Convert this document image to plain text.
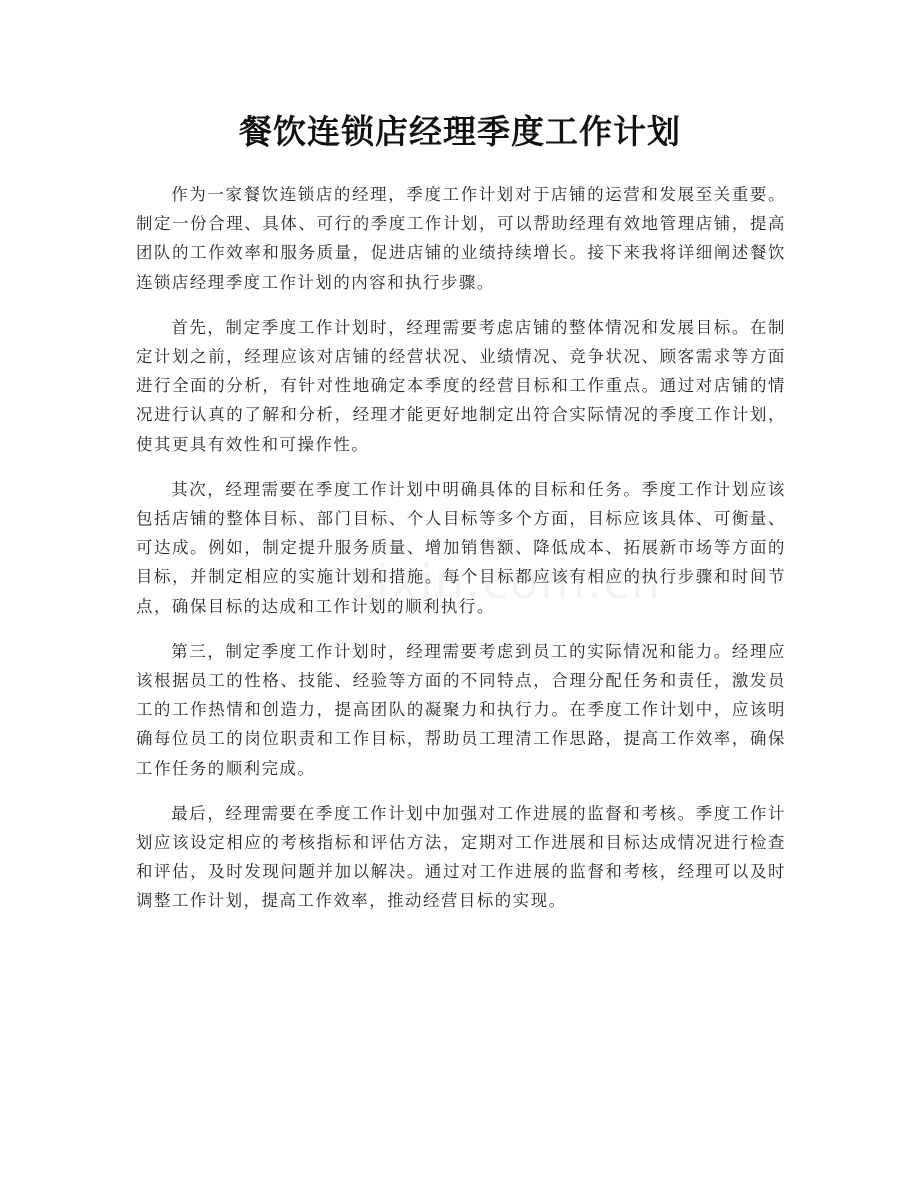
餐饮连锁店经理季度工作计划

作为一家餐饮连锁店的经理，季度工作计划对于店铺的运营和发展至关重要。制定一份合理、具体、可行的季度工作计划，可以帮助经理有效地管理店铺，提高团队的工作效率和服务质量，促进店铺的业绩持续增长。接下来我将详细阐述餐饮连锁店经理季度工作计划的内容和执行步骤。

首先，制定季度工作计划时，经理需要考虑店铺的整体情况和发展目标。在制定计划之前，经理应该对店铺的经营状况、业绩情况、竞争状况、顾客需求等方面进行全面的分析，有针对性地确定本季度的经营目标和工作重点。通过对店铺的情况进行认真的了解和分析，经理才能更好地制定出符合实际情况的季度工作计划，使其更具有效性和可操作性。

其次，经理需要在季度工作计划中明确具体的目标和任务。季度工作计划应该包括店铺的整体目标、部门目标、个人目标等多个方面，目标应该具体、可衡量、可达成。例如，制定提升服务质量、增加销售额、降低成本、拓展新市场等方面的目标，并制定相应的实施计划和措施。每个目标都应该有相应的执行步骤和时间节点，确保目标的达成和工作计划的顺利执行。

第三，制定季度工作计划时，经理需要考虑到员工的实际情况和能力。经理应该根据员工的性格、技能、经验等方面的不同特点，合理分配任务和责任，激发员工的工作热情和创造力，提高团队的凝聚力和执行力。在季度工作计划中，应该明确每位员工的岗位职责和工作目标，帮助员工理清工作思路，提高工作效率，确保工作任务的顺利完成。

最后，经理需要在季度工作计划中加强对工作进展的监督和考核。季度工作计划应该设定相应的考核指标和评估方法，定期对工作进展和目标达成情况进行检查和评估，及时发现问题并加以解决。通过对工作进展的监督和考核，经理可以及时调整工作计划，提高工作效率，推动经营目标的实现。
